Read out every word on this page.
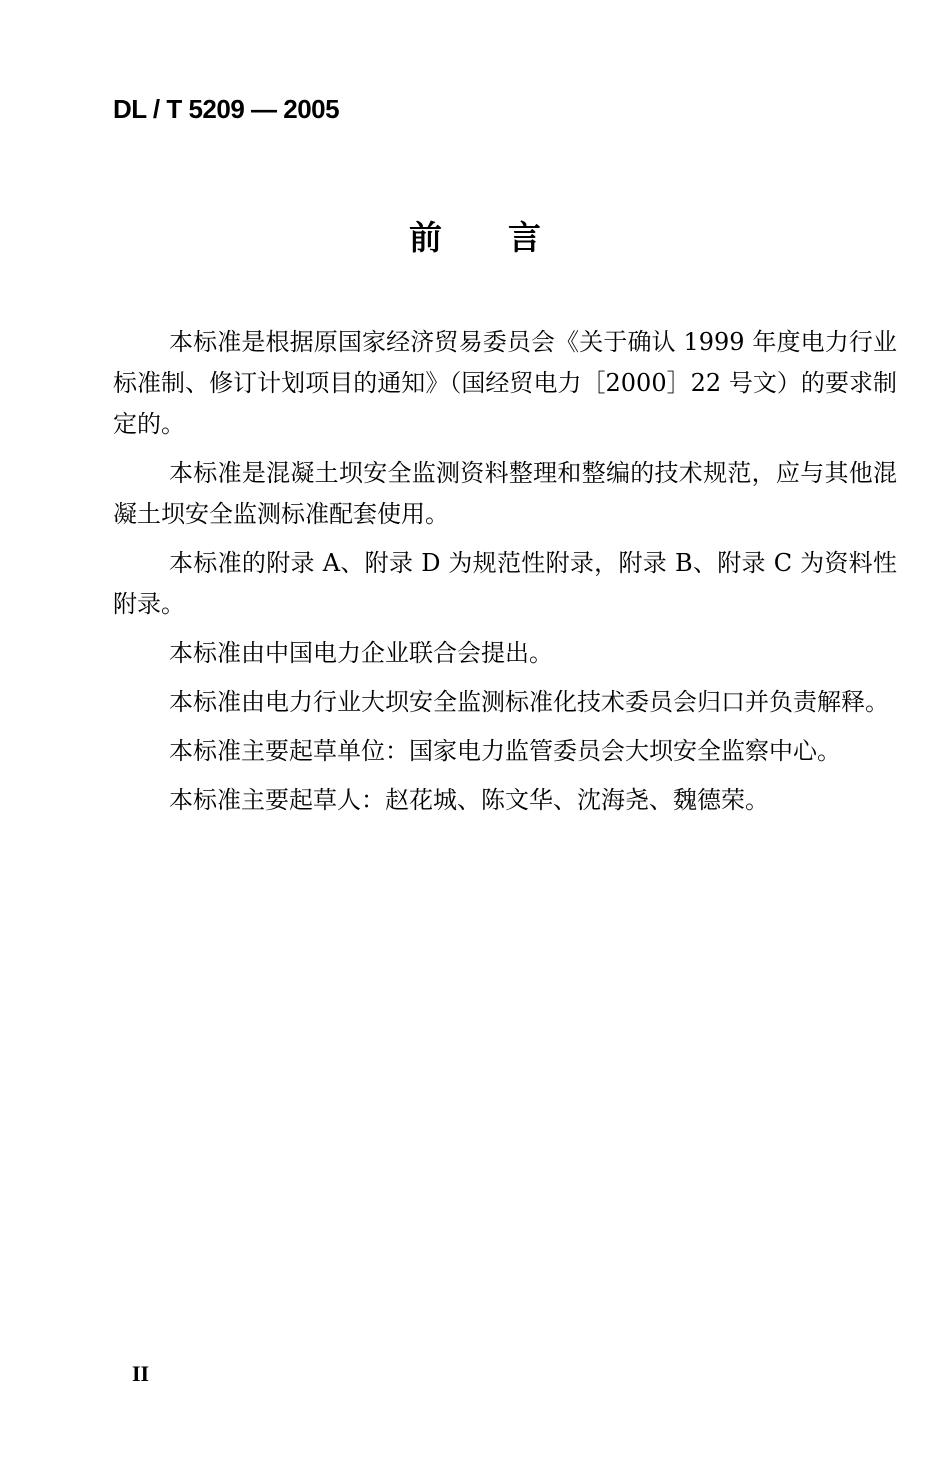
DL / T 5209 — 2005
前 言

本标准是根据原国家经济贸易委员会《关于确认 1999 年度电力行业标准制、修订计划项目的通知》（国经贸电力［2000］22 号文）的要求制定的。

本标准是混凝土坝安全监测资料整理和整编的技术规范，应与其他混凝土坝安全监测标准配套使用。

本标准的附录 A、附录 D 为规范性附录，附录 B、附录 C 为资料性附录。

本标准由中国电力企业联合会提出。

本标准由电力行业大坝安全监测标准化技术委员会归口并负责解释。

本标准主要起草单位：国家电力监管委员会大坝安全监察中心。

本标准主要起草人：赵花城、陈文华、沈海尧、魏德荣。

II
